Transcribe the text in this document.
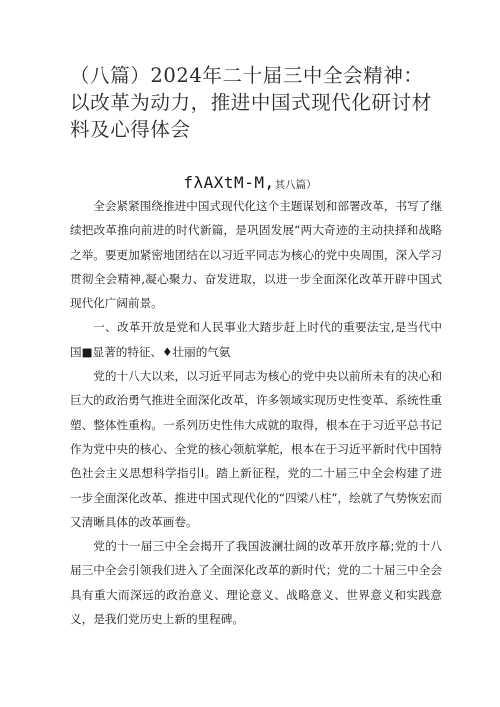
（八篇）2024年二十届三中全会精神：以改革为动力，推进中国式现代化研讨材料及心得体会
fλAXtM-M,其八篇）

全会紧紧围绕推进中国式现代化这个主题谋划和部署改革，书写了继续把改革推向前进的时代新篇，是巩固发展“两大奇迹的主动抉择和战略之举。要更加紧密地团结在以习近平同志为核心的党中央周围，深入学习贯彻全会精神,凝心聚力、奋发进取，以进一步全面深化改革开辟中国式现代化广阔前景。

一、改革开放是党和人民事业大踏步赶上时代的重要法宝,是当代中国■显著的特征、♦壮丽的气氨

党的十八大以来，以习近平同志为核心的党中央以前所未有的决心和巨大的政治勇气推进全面深化改革，许多领域实现历史性变革、系统性重塑、整体性重构。一系列历史性伟大成就的取得，根本在于习近平总书记作为党中央的核心、全党的核心领航掌舵，根本在于习近平新时代中国特色社会主义思想科学指引I。踏上新征程，党的二十届三中全会构建了进一步全面深化改革、推进中国式现代化的“四梁八柱”，绘就了气势恢宏而又清晰具体的改革画卷。

党的十一届三中全会揭开了我国波澜壮阔的改革开放序幕;党的十八届三中全会引领我们进入了全面深化改革的新时代；党的二十届三中全会具有重大而深远的政治意义、理论意义、战略意义、世界意义和实践意义，是我们党历史上新的里程碑。
